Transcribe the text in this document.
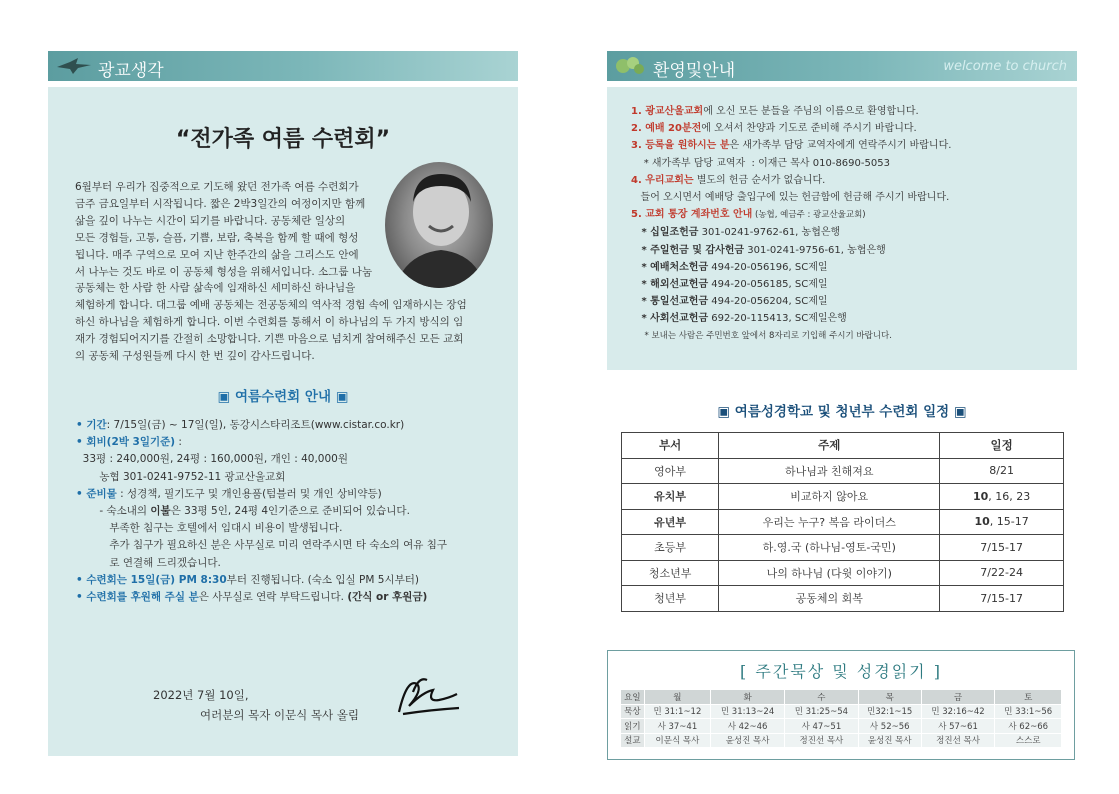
광교생각
“전가족 여름 수련회”

6월부터 우리가 집중적으로 기도해 왔던 전가족 여름 수련회가
금주 금요일부터 시작됩니다. 짧은 2박3일간의 여정이지만 함께
삶을 깊이 나누는 시간이 되기를 바랍니다. 공동체란 일상의
모든 경험들, 고통, 슬픔, 기쁨, 보람, 축복을 함께 할 때에 형성
됩니다. 매주 구역으로 모여 지난 한주간의 삶을 그리스도 안에
서 나누는 것도 바로 이 공동체 형성을 위해서입니다. 소그룹 나눔
공동체는 한 사람 한 사람 삶속에 임재하신 세미하신 하나님을
체험하게 합니다. 대그룹 예배 공동체는 전공동체의 역사적 경험 속에 임재하시는 장엄
하신 하나님을 체험하게 합니다. 이번 수련회를 통해서 이 하나님의 두 가지 방식의 임
재가 경험되어지기를 간절히 소망합니다. 기쁜 마음으로 넘치게 참여해주신 모든 교회
의 공동체 구성원들께 다시 한 번 깊이 감사드립니다.

▣ 여름수련회 안내 ▣
• 기간: 7/15일(금) ~ 17일(일), 동강시스타리조트(www.cistar.co.kr)
• 회비(2박 3일기준) :
33평 : 240,000원, 24평 : 160,000원, 개인 : 40,000원
농협 301-0241-9752-11 광교산울교회
• 준비물 : 성경책, 필기도구 및 개인용품(텀블러 및 개인 상비약등)
- 숙소내의 이불은 33평 5인, 24평 4인기준으로 준비되어 있습니다.
부족한 침구는 호텔에서 임대시 비용이 발생됩니다.
추가 침구가 필요하신 분은 사무실로 미리 연락주시면 타 숙소의 여유 침구
로 연결해 드리겠습니다.
• 수련회는 15일(금) PM 8:30부터 진행됩니다. (숙소 입실 PM 5시부터)
• 수련회를 후원해 주실 분은 사무실로 연락 부탁드립니다. (간식 or 후원금)
2022년 7월 10일,
여러분의 목자 이문식 목사 올림
환영및안내	welcome to church
1. 광교산울교회에 오신 모든 분들을 주님의 이름으로 환영합니다.
2. 예배 20분전에 오셔서 찬양과 기도로 준비해 주시기 바랍니다.
3. 등록을 원하시는 분은 새가족부 담당 교역자에게 연락주시기 바랍니다.
* 새가족부 담당 교역자  : 이재근 목사 010-8690-5053
4. 우리교회는 별도의 헌금 순서가 없습니다.
들어 오시면서 예배당 출입구에 있는 헌금함에 헌금해 주시기 바랍니다.
5. 교회 통장 계좌번호 안내 (농협, 예금주 : 광교산울교회)
* 십일조헌금 301-0241-9762-61, 농협은행
* 주일헌금 및 감사헌금 301-0241-9756-61, 농협은행
* 예배처소헌금 494-20-056196, SC제일
* 해외선교헌금 494-20-056185, SC제일
* 통일선교헌금 494-20-056204, SC제일
* 사회선교헌금 692-20-115413, SC제일은행
* 보내는 사람은 주민번호 앞에서 8자리로 기입해 주시기 바랍니다.
▣ 여름성경학교 및 청년부 수련회 일정 ▣
부서	주제	일정
영아부	하나님과 친해져요	8/21
유치부	비교하지 않아요	10, 16, 23
유년부	우리는 누구? 복음 라이더스	10, 15-17
초등부	하.영.국 (하나님-영토-국민)	7/15-17
청소년부	나의 하나님 (다윗 이야기)	7/22-24
청년부	공동체의 회복	7/15-17
[ 주간묵상 및 성경읽기 ]
요일	월	화	수	목	금	토
묵상	민 31:1~12	민 31:13~24	민 31:25~54	민32:1~15	민 32:16~42	민 33:1~56
읽기	사 37~41	사 42~46	사 47~51	사 52~56	사 57~61	사 62~66
설교	이문식 목사	윤성진 목사	정진선 목사	윤성진 목사	정진선 목사	스스로
